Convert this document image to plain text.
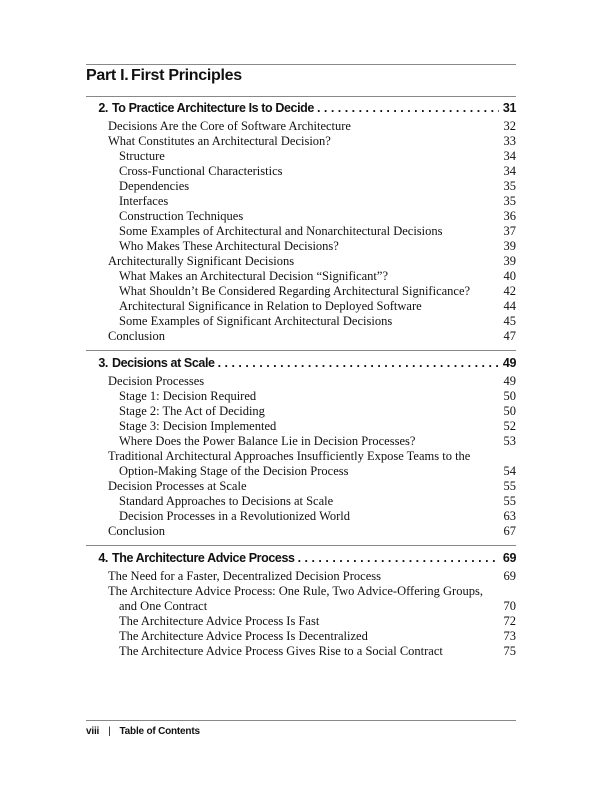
Part I. First Principles
2. To Practice Architecture Is to Decide . . .	31
Decisions Are the Core of Software Architecture	32
What Constitutes an Architectural Decision?	33
Structure	34
Cross-Functional Characteristics	34
Dependencies	35
Interfaces	35
Construction Techniques	36
Some Examples of Architectural and Nonarchitectural Decisions	37
Who Makes These Architectural Decisions?	39
Architecturally Significant Decisions	39
What Makes an Architectural Decision “Significant”?	40
What Shouldn’t Be Considered Regarding Architectural Significance?	42
Architectural Significance in Relation to Deployed Software	44
Some Examples of Significant Architectural Decisions	45
Conclusion	47
3. Decisions at Scale . . .	49
Decision Processes	49
Stage 1: Decision Required	50
Stage 2: The Act of Deciding	50
Stage 3: Decision Implemented	52
Where Does the Power Balance Lie in Decision Processes?	53
Traditional Architectural Approaches Insufficiently Expose Teams to the
Option-Making Stage of the Decision Process	54
Decision Processes at Scale	55
Standard Approaches to Decisions at Scale	55
Decision Processes in a Revolutionized World	63
Conclusion	67
4. The Architecture Advice Process . . .	69
The Need for a Faster, Decentralized Decision Process	69
The Architecture Advice Process: One Rule, Two Advice-Offering Groups,
and One Contract	70
The Architecture Advice Process Is Fast	72
The Architecture Advice Process Is Decentralized	73
The Architecture Advice Process Gives Rise to a Social Contract	75
viii | Table of Contents
